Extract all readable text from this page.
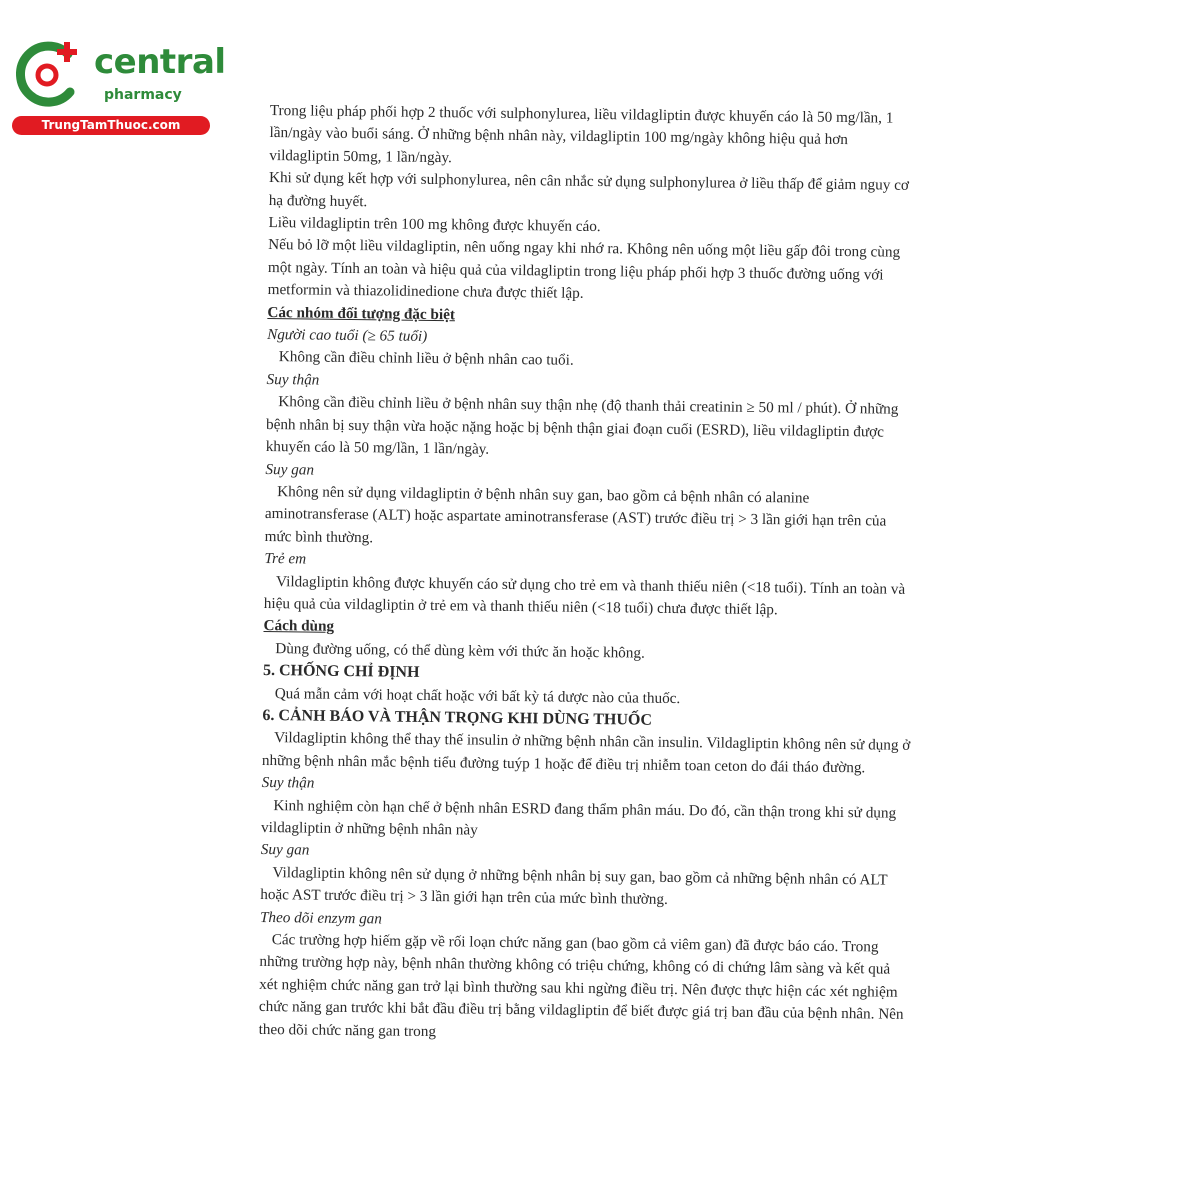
central
pharmacy
TrungTamThuoc.com	Trong liệu pháp phối hợp 2 thuốc với sulphonylurea, liều vildagliptin được khuyến cáo là 50 mg/lần, 1 lần/ngày vào buổi sáng. Ở những bệnh nhân này, vildagliptin 100 mg/ngày không hiệu quả hơn vildagliptin 50mg, 1 lần/ngày.

Khi sử dụng kết hợp với sulphonylurea, nên cân nhắc sử dụng sulphonylurea ở liều thấp để giảm nguy cơ hạ đường huyết.

Liều vildagliptin trên 100 mg không được khuyến cáo.

Nếu bỏ lỡ một liều vildagliptin, nên uống ngay khi nhớ ra. Không nên uống một liều gấp đôi trong cùng một ngày. Tính an toàn và hiệu quả của vildagliptin trong liệu pháp phối hợp 3 thuốc đường uống với metformin và thiazolidinedione chưa được thiết lập.

Các nhóm đối tượng đặc biệt

Người cao tuổi (≥ 65 tuổi)

Không cần điều chỉnh liều ở bệnh nhân cao tuổi.

Suy thận

Không cần điều chỉnh liều ở bệnh nhân suy thận nhẹ (độ thanh thải creatinin ≥ 50 ml / phút). Ở những bệnh nhân bị suy thận vừa hoặc nặng hoặc bị bệnh thận giai đoạn cuối (ESRD), liều vildagliptin được khuyến cáo là 50 mg/lần, 1 lần/ngày.

Suy gan

Không nên sử dụng vildagliptin ở bệnh nhân suy gan, bao gồm cả bệnh nhân có alanine aminotransferase (ALT) hoặc aspartate aminotransferase (AST) trước điều trị > 3 lần giới hạn trên của mức bình thường.

Trẻ em

Vildagliptin không được khuyến cáo sử dụng cho trẻ em và thanh thiếu niên (<18 tuổi). Tính an toàn và hiệu quả của vildagliptin ở trẻ em và thanh thiếu niên (<18 tuổi) chưa được thiết lập.

Cách dùng

Dùng đường uống, có thể dùng kèm với thức ăn hoặc không.

5. CHỐNG CHỈ ĐỊNH

Quá mẫn cảm với hoạt chất hoặc với bất kỳ tá dược nào của thuốc.

6. CẢNH BÁO VÀ THẬN TRỌNG KHI DÙNG THUỐC

Vildagliptin không thể thay thế insulin ở những bệnh nhân cần insulin. Vildagliptin không nên sử dụng ở những bệnh nhân mắc bệnh tiểu đường tuýp 1 hoặc để điều trị nhiễm toan ceton do đái tháo đường.

Suy thận

Kinh nghiệm còn hạn chế ở bệnh nhân ESRD đang thẩm phân máu. Do đó, cần thận trong khi sử dụng vildagliptin ở những bệnh nhân này

Suy gan

Vildagliptin không nên sử dụng ở những bệnh nhân bị suy gan, bao gồm cả những bệnh nhân có ALT hoặc AST trước điều trị > 3 lần giới hạn trên của mức bình thường.

Theo dõi enzym gan

Các trường hợp hiếm gặp về rối loạn chức năng gan (bao gồm cả viêm gan) đã được báo cáo. Trong những trường hợp này, bệnh nhân thường không có triệu chứng, không có di chứng lâm sàng và kết quả xét nghiệm chức năng gan trở lại bình thường sau khi ngừng điều trị. Nên được thực hiện các xét nghiệm chức năng gan trước khi bắt đầu điều trị bằng vildagliptin để biết được giá trị ban đầu của bệnh nhân. Nên theo dõi chức năng gan trong
